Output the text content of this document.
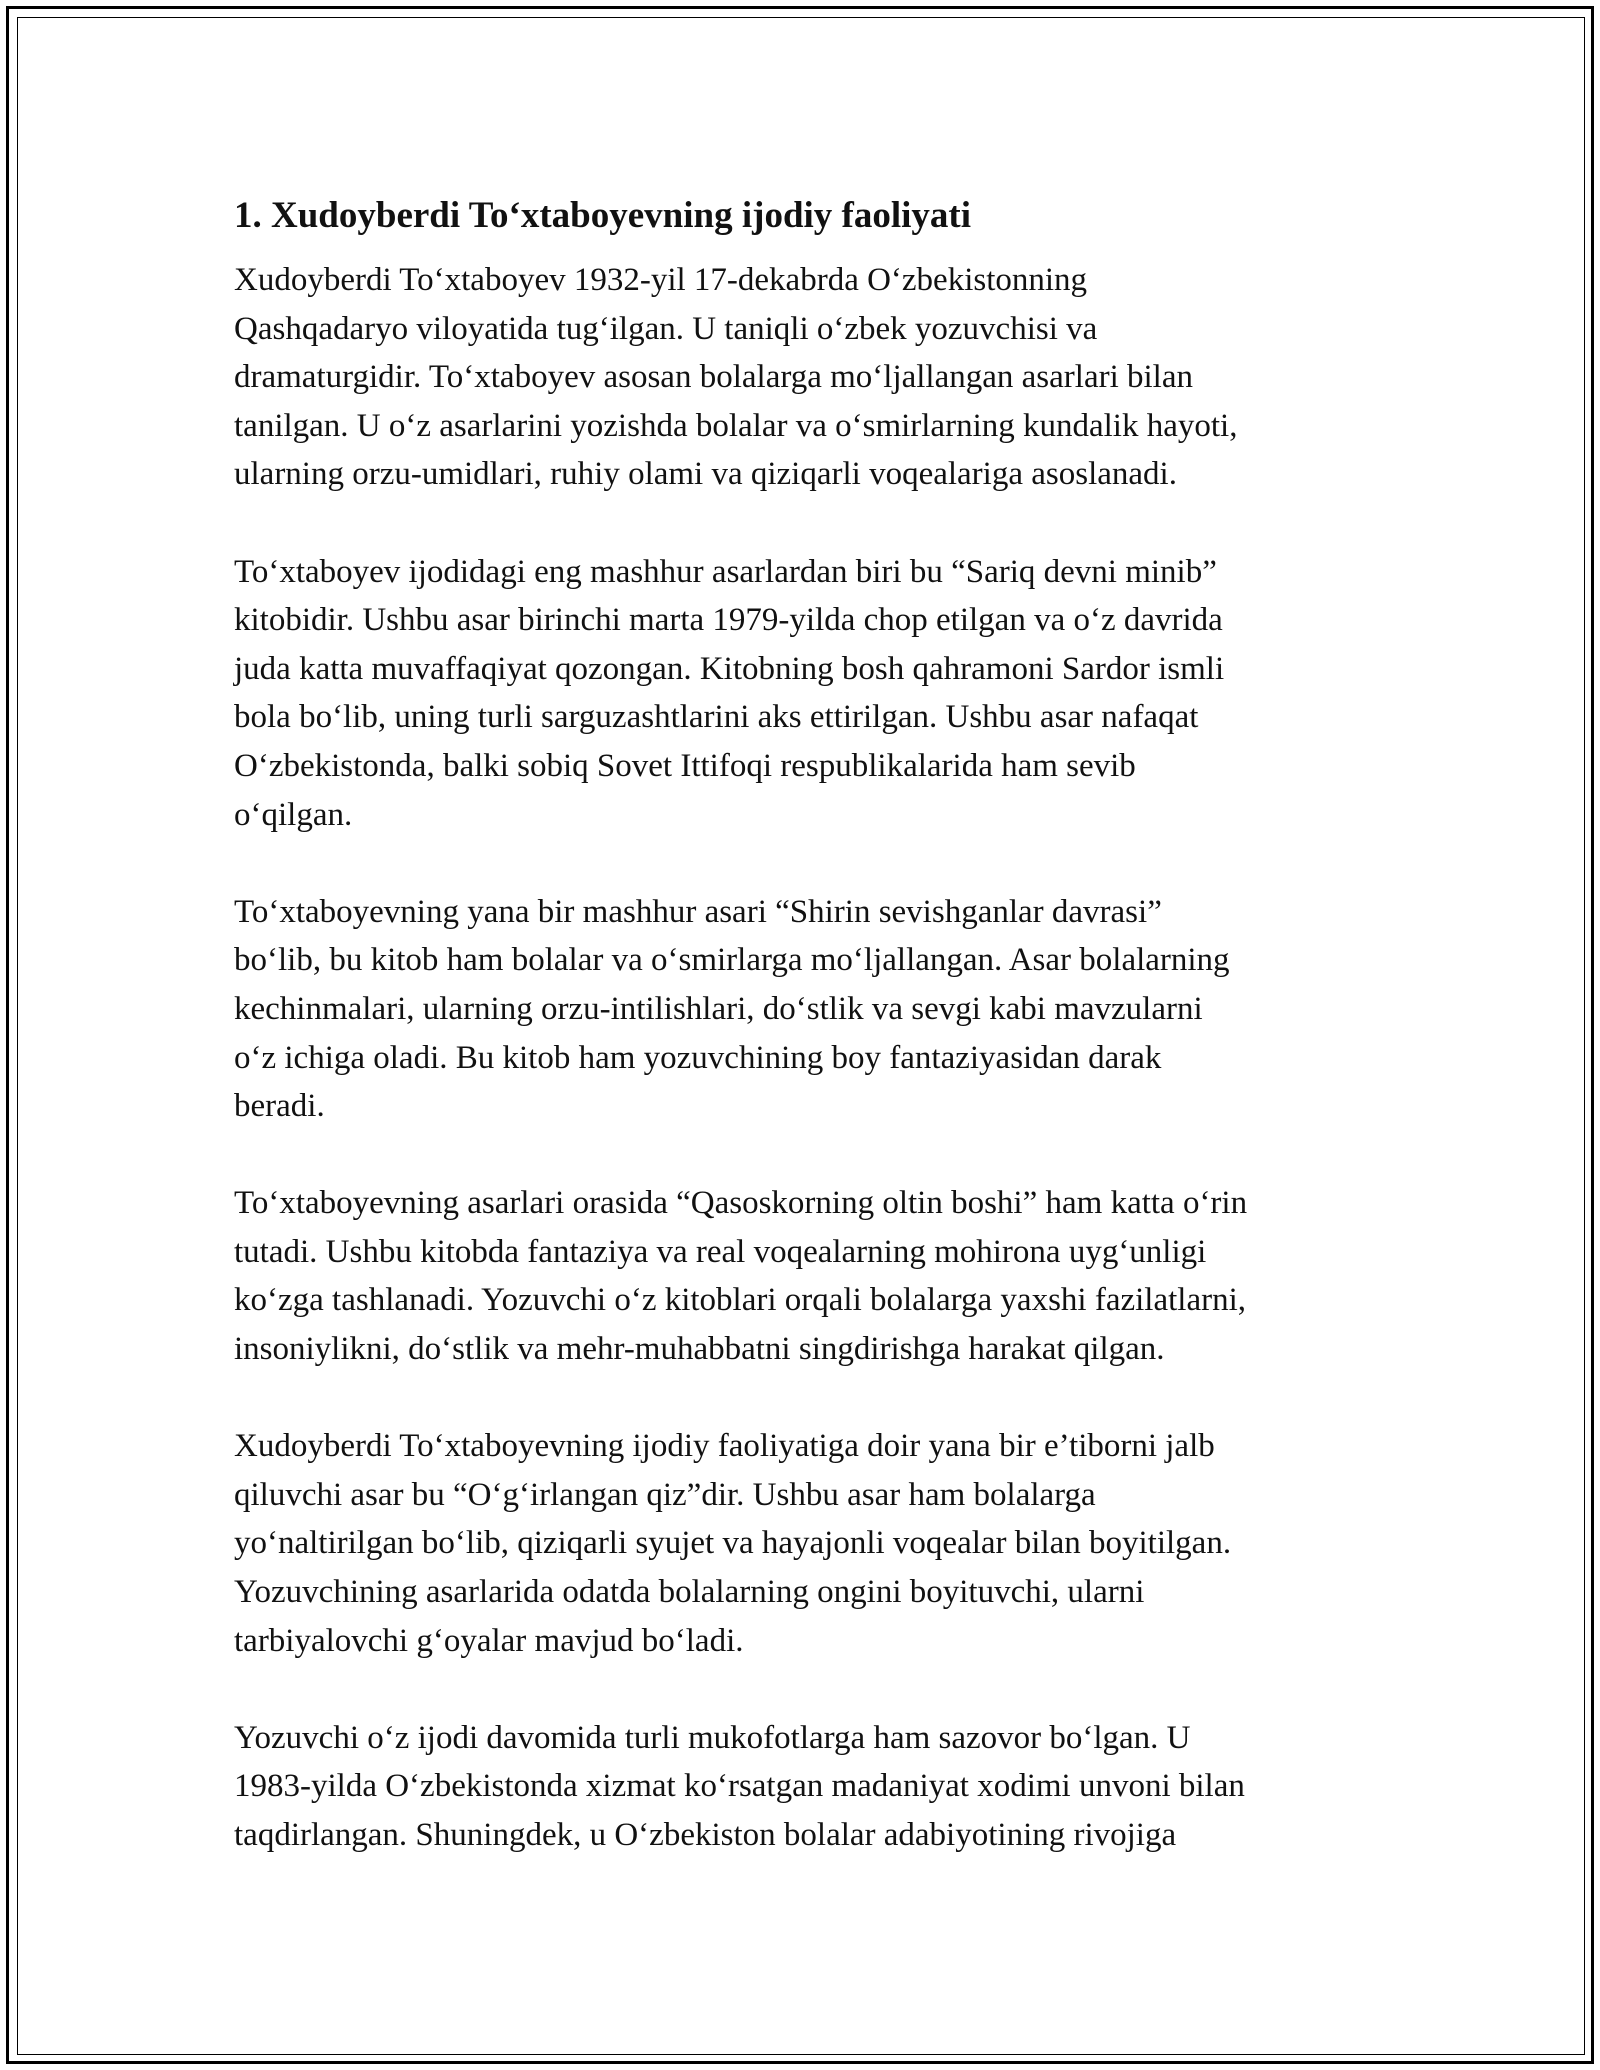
1. Xudoyberdi To‘xtaboyevning ijodiy faoliyati
Xudoyberdi To‘xtaboyev 1932-yil 17-dekabrda O‘zbekistonning
Qashqadaryo viloyatida tug‘ilgan. U taniqli o‘zbek yozuvchisi va
dramaturgidir. To‘xtaboyev asosan bolalarga mo‘ljallangan asarlari bilan
tanilgan. U o‘z asarlarini yozishda bolalar va o‘smirlarning kundalik hayoti,
ularning orzu-umidlari, ruhiy olami va qiziqarli voqealariga asoslanadi.
To‘xtaboyev ijodidagi eng mashhur asarlardan biri bu “Sariq devni minib”
kitobidir. Ushbu asar birinchi marta 1979-yilda chop etilgan va o‘z davrida
juda katta muvaffaqiyat qozongan. Kitobning bosh qahramoni Sardor ismli
bola bo‘lib, uning turli sarguzashtlarini aks ettirilgan. Ushbu asar nafaqat
O‘zbekistonda, balki sobiq Sovet Ittifoqi respublikalarida ham sevib
o‘qilgan.
To‘xtaboyevning yana bir mashhur asari “Shirin sevishganlar davrasi”
bo‘lib, bu kitob ham bolalar va o‘smirlarga mo‘ljallangan. Asar bolalarning
kechinmalari, ularning orzu-intilishlari, do‘stlik va sevgi kabi mavzularni
o‘z ichiga oladi. Bu kitob ham yozuvchining boy fantaziyasidan darak
beradi.
To‘xtaboyevning asarlari orasida “Qasoskorning oltin boshi” ham katta o‘rin
tutadi. Ushbu kitobda fantaziya va real voqealarning mohirona uyg‘unligi
ko‘zga tashlanadi. Yozuvchi o‘z kitoblari orqali bolalarga yaxshi fazilatlarni,
insoniylikni, do‘stlik va mehr-muhabbatni singdirishga harakat qilgan.
Xudoyberdi To‘xtaboyevning ijodiy faoliyatiga doir yana bir e’tiborni jalb
qiluvchi asar bu “O‘g‘irlangan qiz”dir. Ushbu asar ham bolalarga
yo‘naltirilgan bo‘lib, qiziqarli syujet va hayajonli voqealar bilan boyitilgan.
Yozuvchining asarlarida odatda bolalarning ongini boyituvchi, ularni
tarbiyalovchi g‘oyalar mavjud bo‘ladi.
Yozuvchi o‘z ijodi davomida turli mukofotlarga ham sazovor bo‘lgan. U
1983-yilda O‘zbekistonda xizmat ko‘rsatgan madaniyat xodimi unvoni bilan
taqdirlangan. Shuningdek, u O‘zbekiston bolalar adabiyotining rivojiga
